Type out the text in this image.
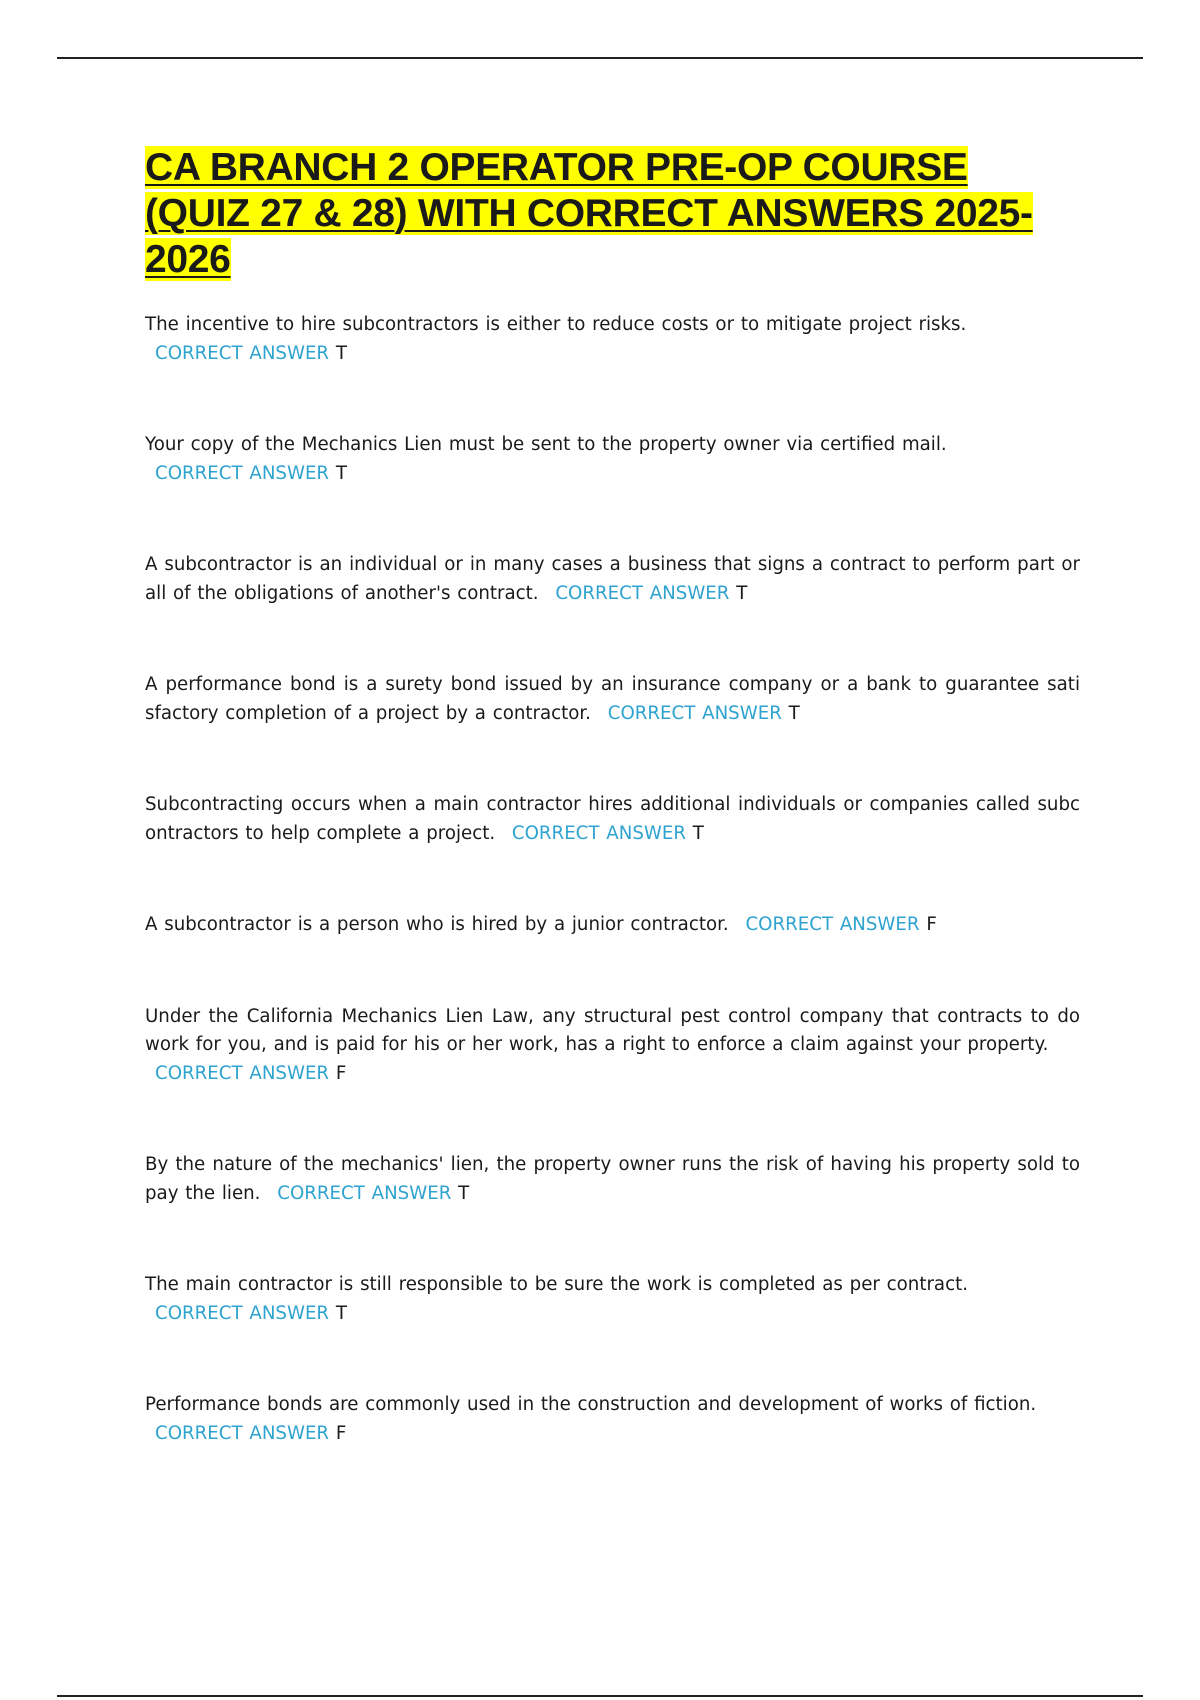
CA BRANCH 2 OPERATOR PRE-OP COURSE (QUIZ 27 & 28) WITH CORRECT ANSWERS 2025-2026
The incentive to hire subcontractors is either to reduce costs or to mitigate project risks.
CORRECT ANSWER T
Your copy of the Mechanics Lien must be sent to the property owner via certified mail.
CORRECT ANSWER T
A subcontractor is an individual or in many cases a business that signs a contract to perform part or all of the obligations of another's contract. CORRECT ANSWER T
A performance bond is a surety bond issued by an insurance company or a bank to guarantee sati sfactory completion of a project by a contractor. CORRECT ANSWER T
Subcontracting occurs when a main contractor hires additional individuals or companies called subc ontractors to help complete a project. CORRECT ANSWER T
A subcontractor is a person who is hired by a junior contractor. CORRECT ANSWER F
Under the California Mechanics Lien Law, any structural pest control company that contracts to do work for you, and is paid for his or her work, has a right to enforce a claim against your property.
CORRECT ANSWER F
By the nature of the mechanics' lien, the property owner runs the risk of having his property sold to pay the lien. CORRECT ANSWER T
The main contractor is still responsible to be sure the work is completed as per contract.
CORRECT ANSWER T
Performance bonds are commonly used in the construction and development of works of fiction.
CORRECT ANSWER F
